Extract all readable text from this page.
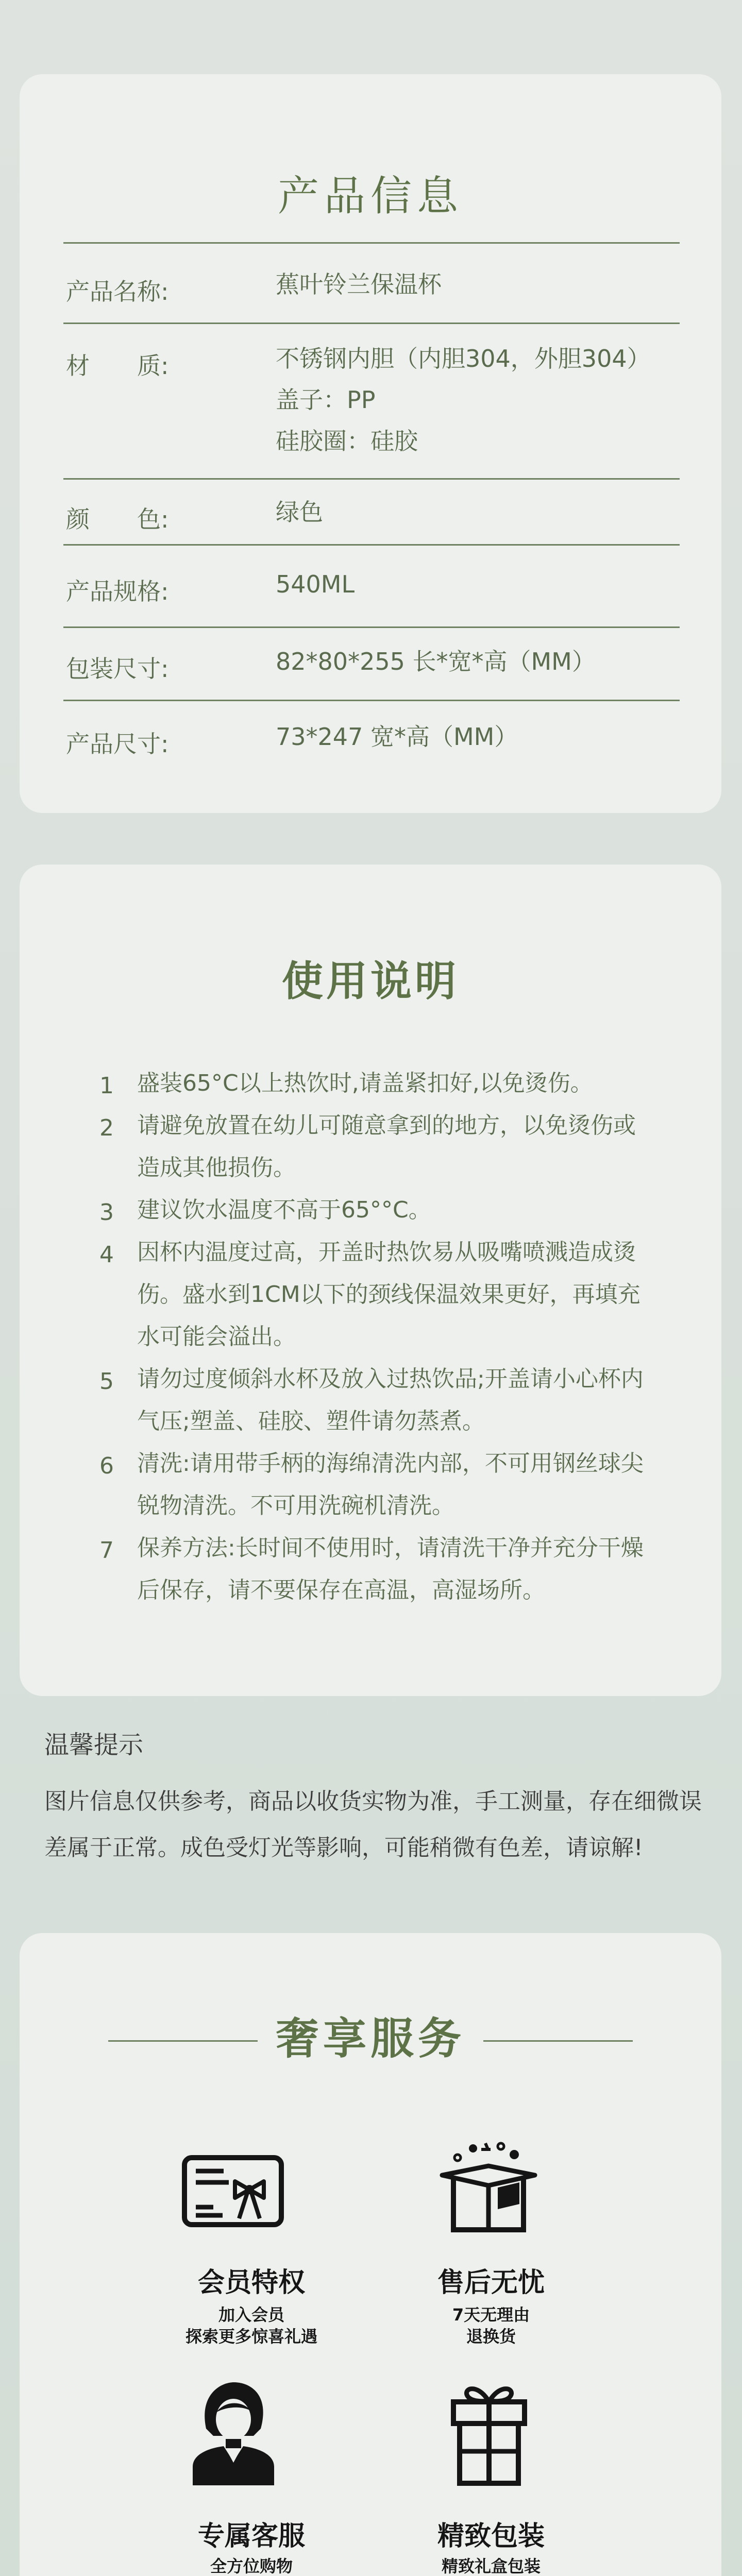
产品信息
产品名称:	蕉叶铃兰保温杯
材　　质:	不锈钢内胆（内胆304，外胆304）
盖子：PP
硅胶圈：硅胶
颜　　色:	绿色
产品规格:	540ML
包装尺寸:	82*80*255 长*宽*高（MM）
产品尺寸:	73*247 宽*高（MM）
使用说明
1 盛装65°C以上热饮时,请盖紧扣好,以免烫伤。
2 请避免放置在幼儿可随意拿到的地方，以免烫伤或造成其他损伤。
3 建议饮水温度不高于65°°C。
4 因杯内温度过高，开盖时热饮易从吸嘴喷溅造成烫伤。盛水到1CM以下的颈线保温效果更好，再填充水可能会溢出。
5 请勿过度倾斜水杯及放入过热饮品;开盖请小心杯内气压;塑盖、硅胶、塑件请勿蒸煮。
6 清洗:请用带手柄的海绵清洗内部，不可用钢丝球尖锐物清洗。不可用洗碗机清洗。
7 保养方法:长时间不使用时，请清洗干净并充分干燥后保存，请不要保存在高温，高湿场所。
温馨提示
图片信息仅供参考，商品以收货实物为准，手工测量，存在细微误差属于正常。成色受灯光等影响，可能稍微有色差，请谅解!
奢享服务
会员特权
加入会员
探索更多惊喜礼遇
售后无忧
7天无理由
退换货
专属客服
全方位购物
精致包装
精致礼盒包装
